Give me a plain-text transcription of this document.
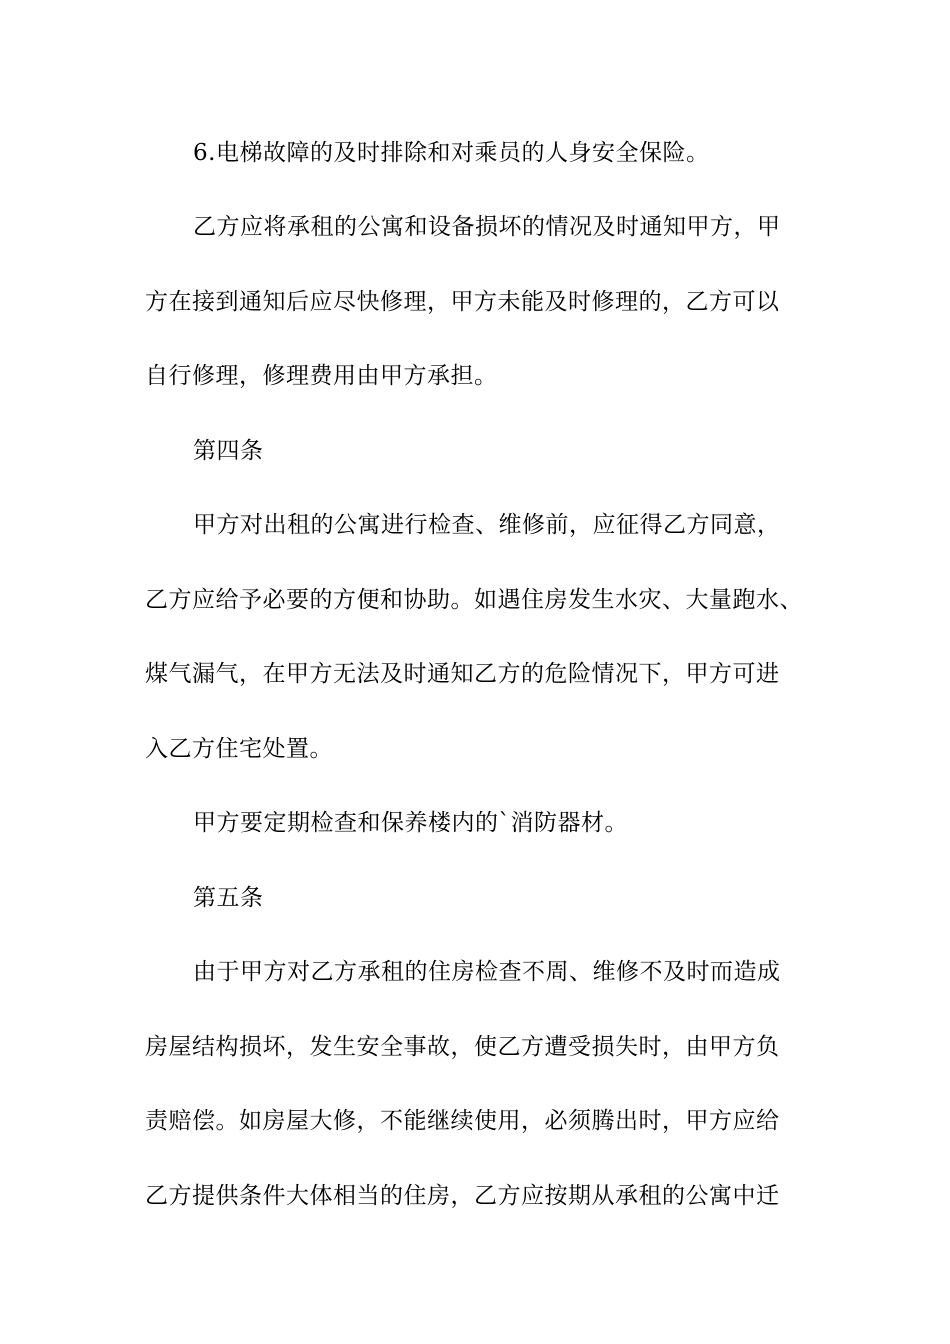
6.电梯故障的及时排除和对乘员的人身安全保险。
乙方应将承租的公寓和设备损坏的情况及时通知甲方，甲
方在接到通知后应尽快修理，甲方未能及时修理的，乙方可以
自行修理，修理费用由甲方承担。
第四条
甲方对出租的公寓进行检查、维修前，应征得乙方同意，
乙方应给予必要的方便和协助。如遇住房发生水灾、大量跑水、
煤气漏气，在甲方无法及时通知乙方的危险情况下，甲方可进
入乙方住宅处置。
甲方要定期检查和保养楼内的`消防器材。
第五条
由于甲方对乙方承租的住房检查不周、维修不及时而造成
房屋结构损坏，发生安全事故，使乙方遭受损失时，由甲方负
责赔偿。如房屋大修，不能继续使用，必须腾出时，甲方应给
乙方提供条件大体相当的住房，乙方应按期从承租的公寓中迁
